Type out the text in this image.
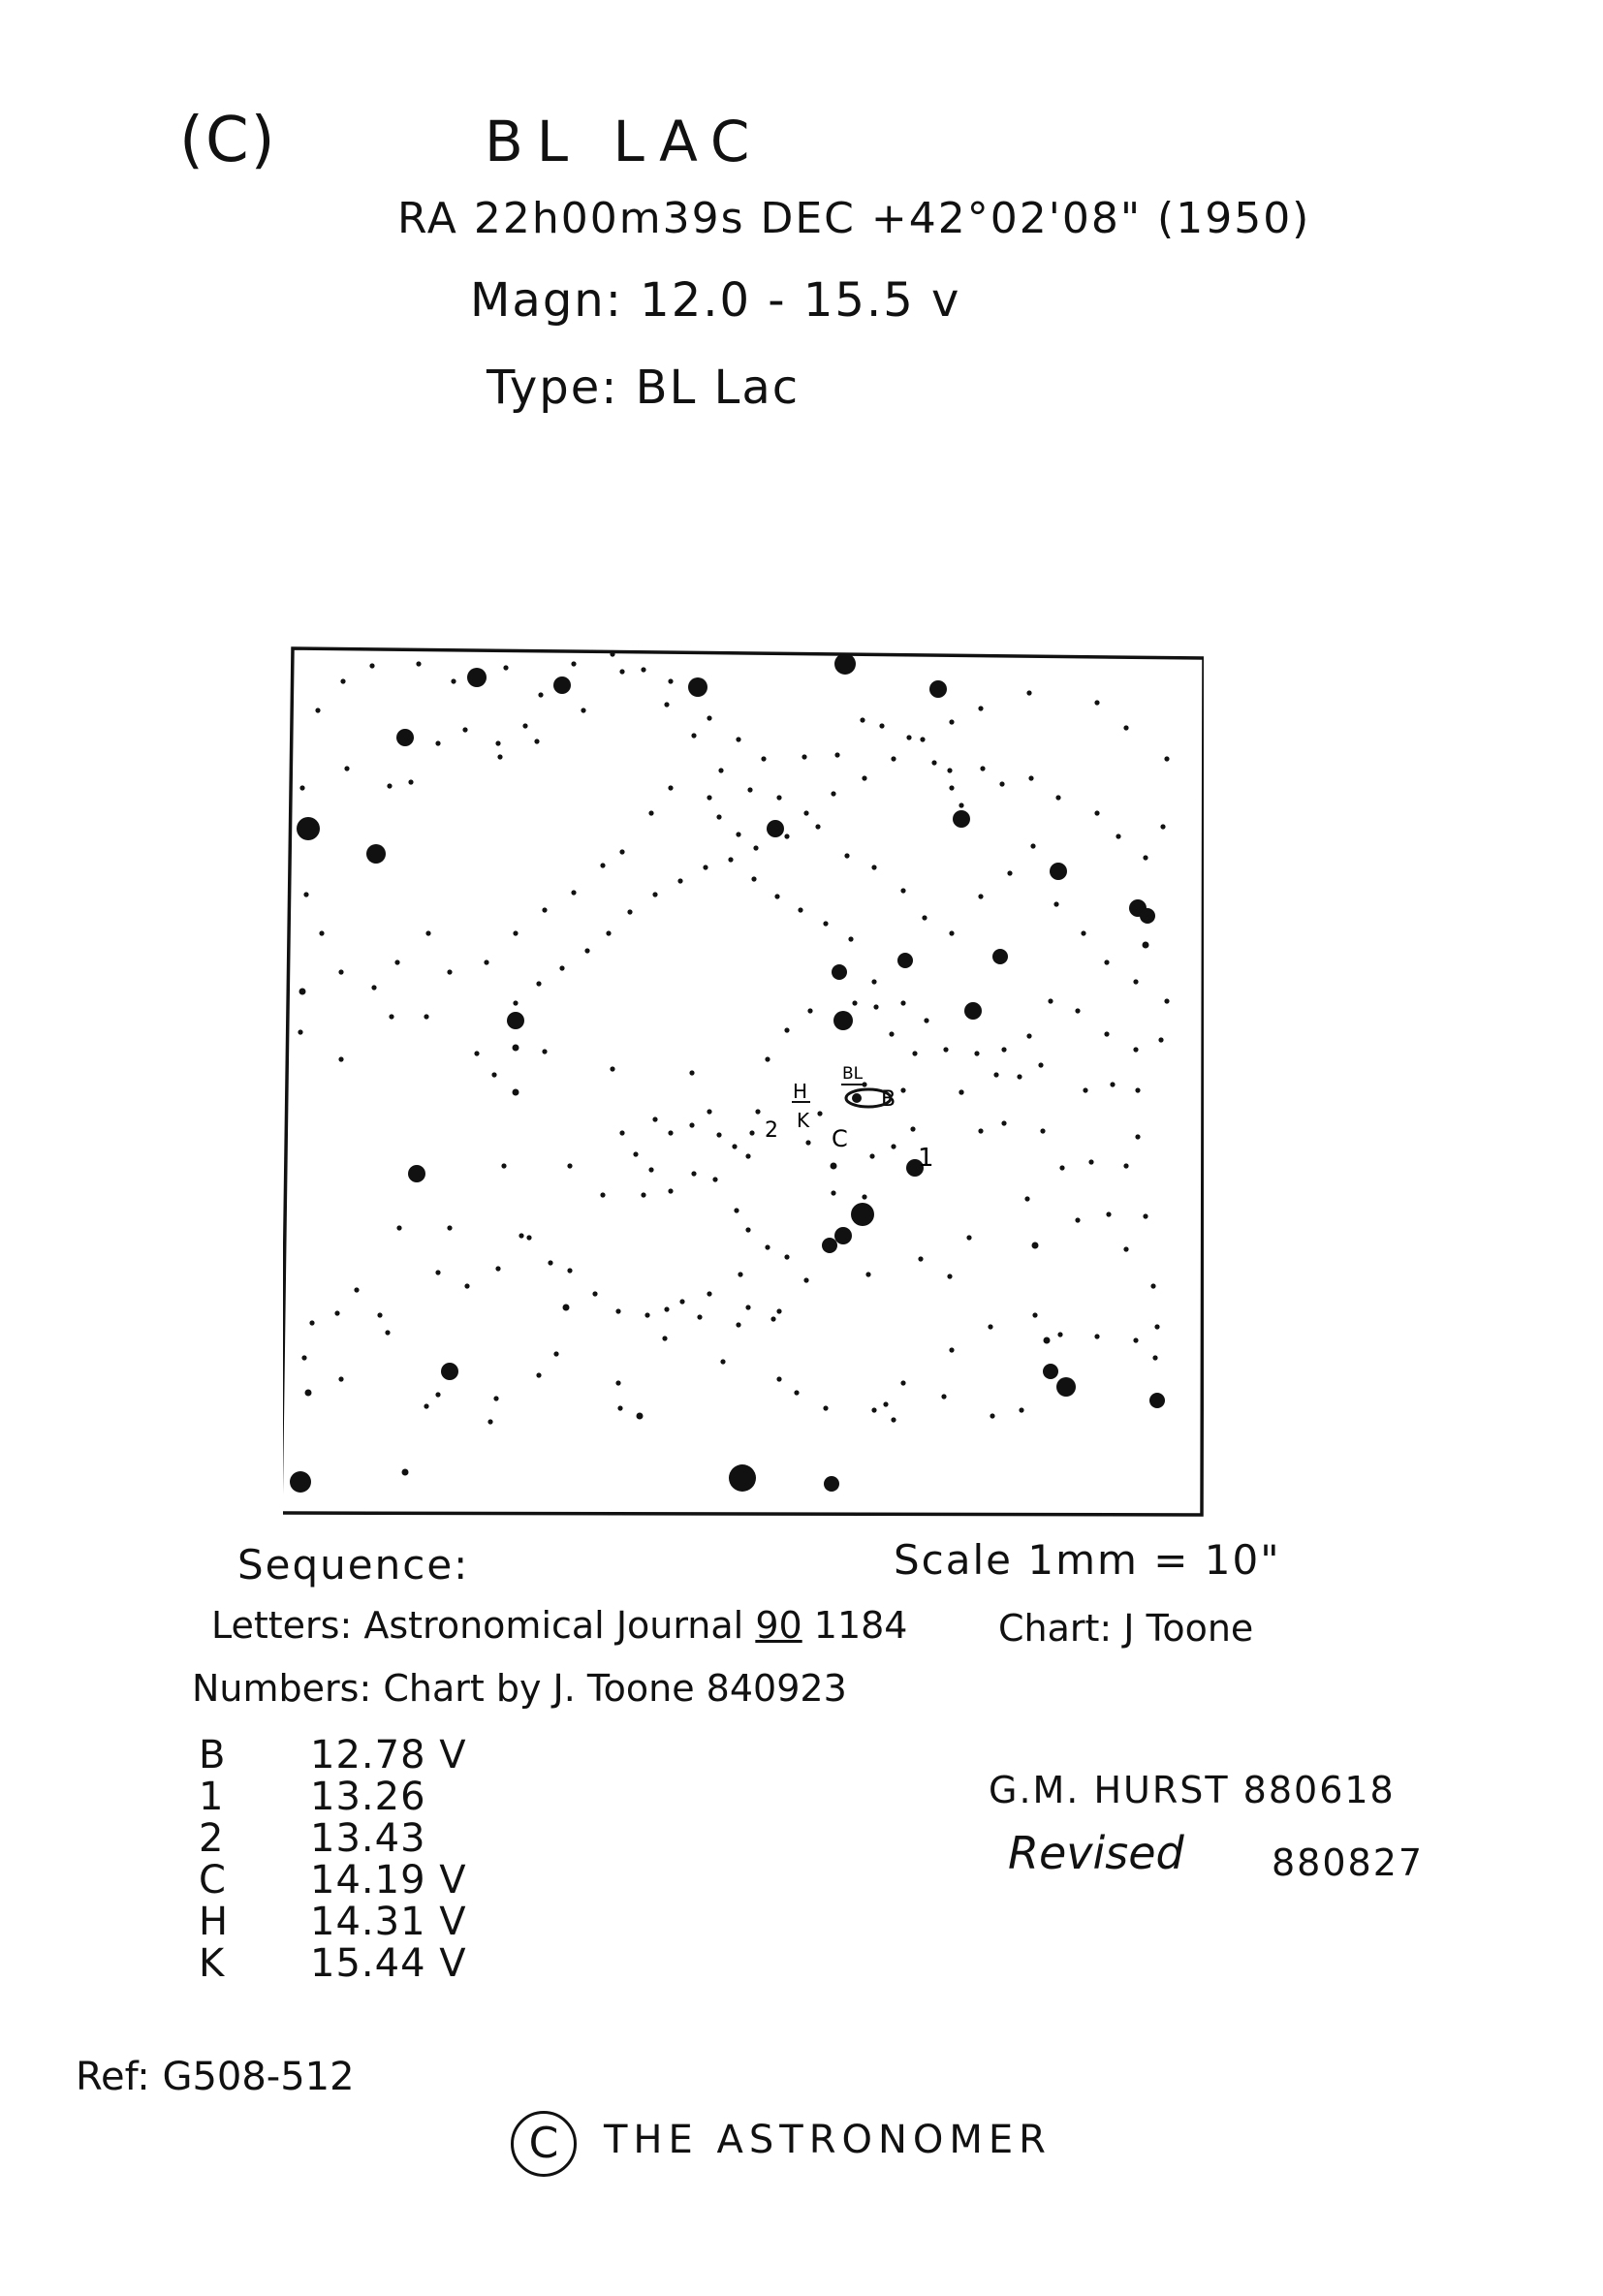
(C)	BL LAC
RA 22h00m39s DEC +42°02'08" (1950)
Magn: 12.0 - 15.5 v
Type: BL Lac
BL
B
H
K
C
2
1
Sequence:	Scale 1mm = 10"
Letters: Astronomical Journal 90 1184 Chart: J Toone
Numbers: Chart by J. Toone 840923
B	12.78 V
1	13.26
2	13.43
C	14.19 V
H	14.31 V
K	15.44 V
G.M. HURST 880618
Revised 880827
Ref: G508-512
C	THE ASTRONOMER
